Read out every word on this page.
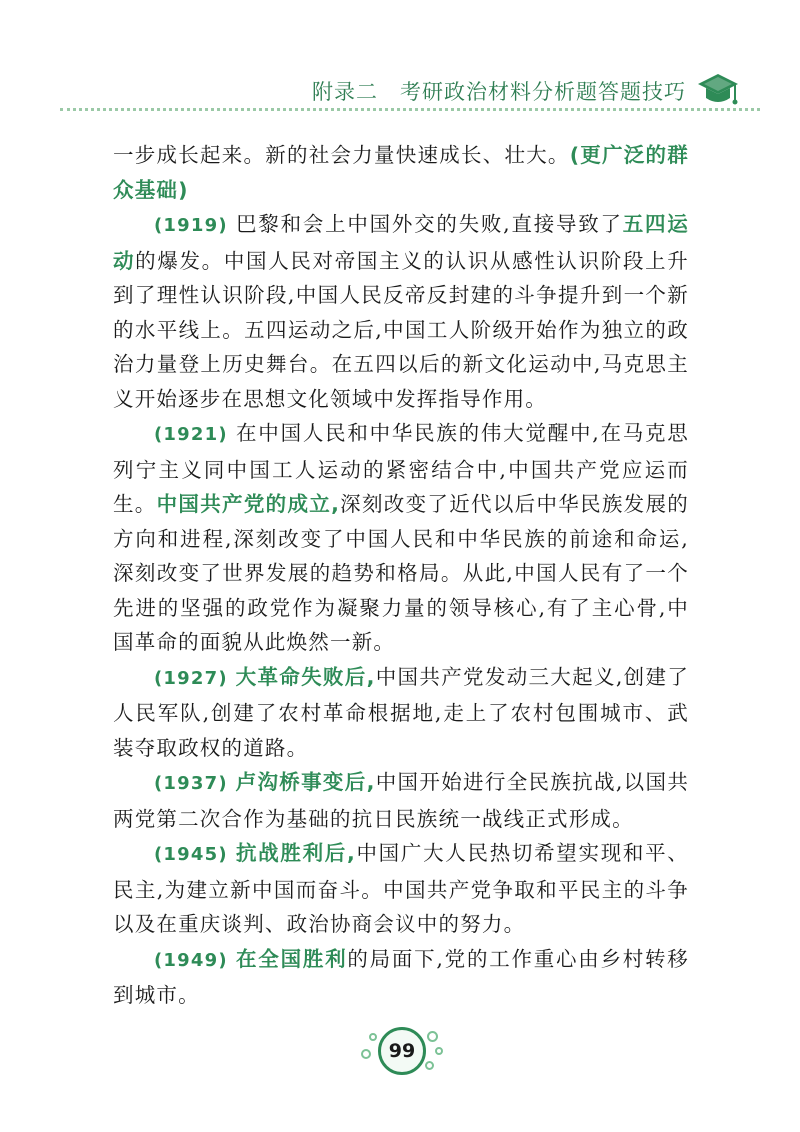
附录二 考研政治材料分析题答题技巧

一步成长起来。新的社会力量快速成长、壮大。(更广泛的群众基础)

(1919) 巴黎和会上中国外交的失败,直接导致了五四运动的爆发。中国人民对帝国主义的认识从感性认识阶段上升到了理性认识阶段,中国人民反帝反封建的斗争提升到一个新的水平线上。五四运动之后,中国工人阶级开始作为独立的政治力量登上历史舞台。在五四以后的新文化运动中,马克思主义开始逐步在思想文化领域中发挥指导作用。

(1921) 在中国人民和中华民族的伟大觉醒中,在马克思列宁主义同中国工人运动的紧密结合中,中国共产党应运而生。中国共产党的成立,深刻改变了近代以后中华民族发展的方向和进程,深刻改变了中国人民和中华民族的前途和命运,深刻改变了世界发展的趋势和格局。从此,中国人民有了一个先进的坚强的政党作为凝聚力量的领导核心,有了主心骨,中国革命的面貌从此焕然一新。

(1927) 大革命失败后,中国共产党发动三大起义,创建了人民军队,创建了农村革命根据地,走上了农村包围城市、武装夺取政权的道路。

(1937) 卢沟桥事变后,中国开始进行全民族抗战,以国共两党第二次合作为基础的抗日民族统一战线正式形成。

(1945) 抗战胜利后,中国广大人民热切希望实现和平、民主,为建立新中国而奋斗。中国共产党争取和平民主的斗争以及在重庆谈判、政治协商会议中的努力。

(1949) 在全国胜利的局面下,党的工作重心由乡村转移到城市。

99
